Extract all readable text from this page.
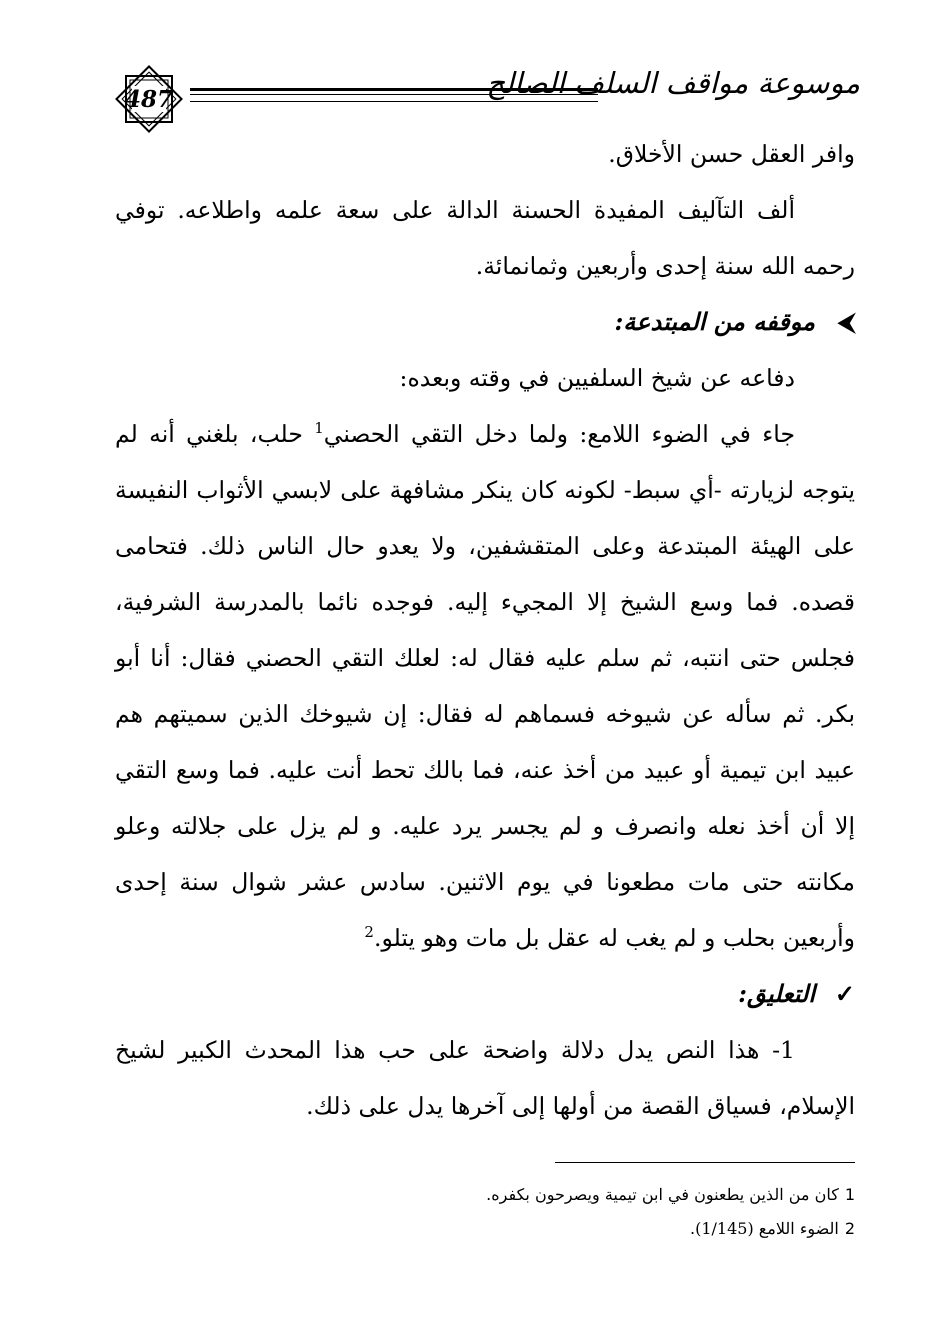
487	موسوعة مواقف السلف الصالح

وافر العقل حسن الأخلاق.

ألف التآليف المفيدة الحسنة الدالة على سعة علمه واطلاعه. توفي رحمه الله سنة إحدى وأربعين وثمانمائة.

⮜موقفه من المبتدعة:

دفاعه عن شيخ السلفيين في وقته وبعده:

جاء في الضوء اللامع: ولما دخل التقي الحصني$^1$ حلب، بلغني أنه لم يتوجه لزيارته -أي سبط- لكونه كان ينكر مشافهة على لابسي الأثواب النفيسة على الهيئة المبتدعة وعلى المتقشفين، ولا يعدو حال الناس ذلك. فتحامى قصده. فما وسع الشيخ إلا المجيء إليه. فوجده نائما بالمدرسة الشرفية، فجلس حتى انتبه، ثم سلم عليه فقال له: لعلك التقي الحصني فقال: أنا أبو بكر. ثم سأله عن شيوخه فسماهم له فقال: إن شيوخك الذين سميتهم هم عبيد ابن تيمية أو عبيد من أخذ عنه، فما بالك تحط أنت عليه. فما وسع التقي إلا أن أخذ نعله وانصرف و لم يجسر يرد عليه. و لم يزل على جلالته وعلو مكانته حتى مات مطعونا في يوم الاثنين. سادس عشر شوال سنة إحدى وأربعين بحلب و لم يغب له عقل بل مات وهو يتلو.$^2$

✓التعليق:

1- هذا النص يدل دلالة واضحة على حب هذا المحدث الكبير لشيخ الإسلام، فسياق القصة من أولها إلى آخرها يدل على ذلك.

1كان من الذين يطعنون في ابن تيمية ويصرحون بكفره.

2الضوء اللامع (1/145).
